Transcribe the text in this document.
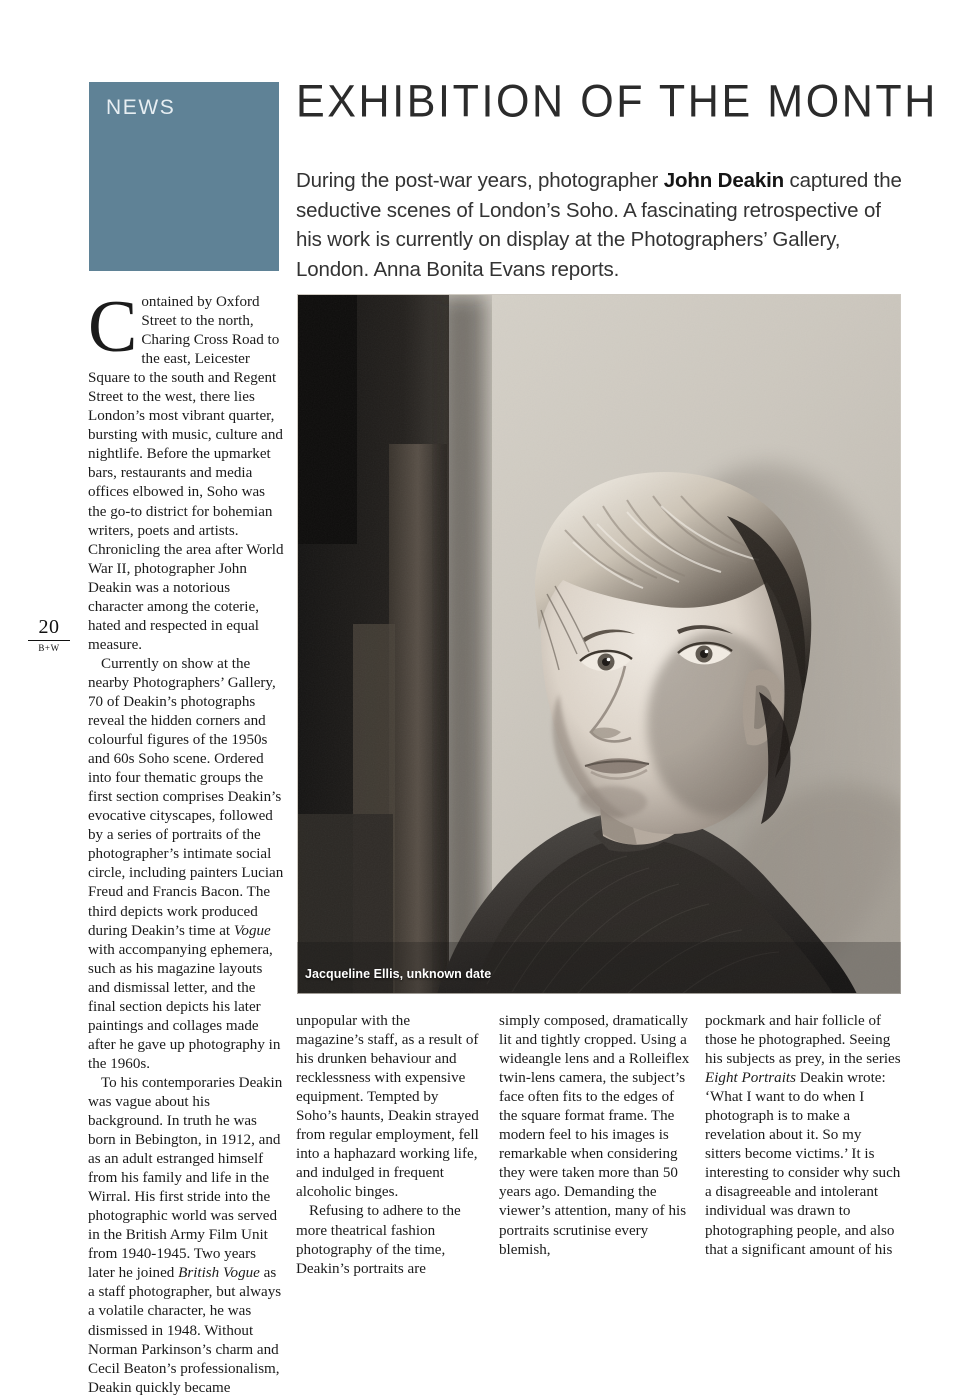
20
B+W
NEWS	EXHIBITION OF THE MONTH
During the post-war years, photographer John Deakin captured the seductive scenes of London’s Soho. A fascinating retrospective of his work is currently on display at the Photographers’ Gallery, London. Anna Bonita Evans reports.
Jacqueline Ellis, unknown date

Contained by Oxford Street to the north, Charing Cross Road to the east, Leicester Square to the south and Regent Street to the west, there lies London’s most vibrant quarter, bursting with music, culture and nightlife. Before the upmarket bars, restaurants and media offices elbowed in, Soho was the go-to district for bohemian writers, poets and artists. Chronicling the area after World War II, photographer John Deakin was a notorious character among the coterie, hated and respected in equal measure.

Currently on show at the nearby Photographers’ Gallery, 70 of Deakin’s photographs reveal the hidden corners and colourful figures of the 1950s and 60s Soho scene. Ordered into four thematic groups the first section comprises Deakin’s evocative cityscapes, followed by a series of portraits of the photographer’s intimate social circle, including painters Lucian Freud and Francis Bacon. The third depicts work produced during Deakin’s time at Vogue with accompanying ephemera, such as his magazine layouts and dismissal letter, and the final section depicts his later paintings and collages made after he gave up photography in the 1960s.

To his contemporaries Deakin was vague about his background. In truth he was born in Bebington, in 1912, and as an adult estranged himself from his family and life in the Wirral. His first stride into the photographic world was served in the British Army Film Unit from 1940-1945. Two years later he joined British Vogue as a staff photographer, but always a volatile character, he was dismissed in 1948. Without Norman Parkinson’s charm and Cecil Beaton’s professionalism, Deakin quickly became

unpopular with the magazine’s staff, as a result of his drunken behaviour and recklessness with expensive equipment. Tempted by Soho’s haunts, Deakin strayed from regular employment, fell into a haphazard working life, and indulged in frequent alcoholic binges.

Refusing to adhere to the more theatrical fashion photography of the time, Deakin’s portraits are

simply composed, dramatically lit and tightly cropped. Using a wideangle lens and a Rolleiflex twin-lens camera, the subject’s face often fits to the edges of the square format frame. The modern feel to his images is remarkable when considering they were taken more than 50 years ago. Demanding the viewer’s attention, many of his portraits scrutinise every blemish,

pockmark and hair follicle of those he photographed. Seeing his subjects as prey, in the series Eight Portraits Deakin wrote: ‘What I want to do when I photograph is to make a revelation about it. So my sitters become victims.’ It is interesting to consider why such a disagreeable and intolerant individual was drawn to photographing people, and also that a significant amount of his
